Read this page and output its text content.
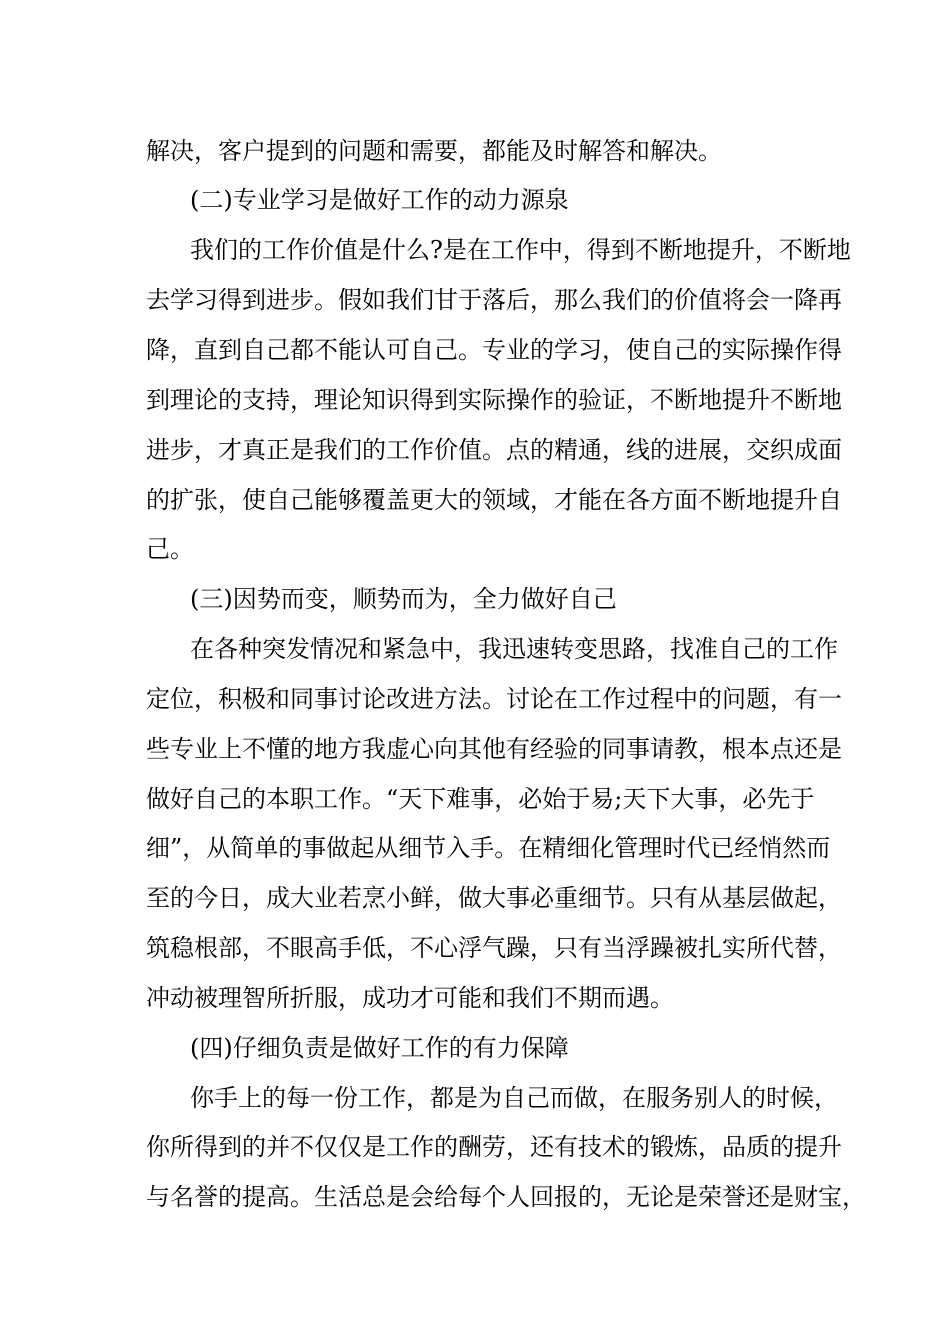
解决，客户提到的问题和需要，都能及时解答和解决。
(二)专业学习是做好工作的动力源泉
我们的工作价值是什么?是在工作中，得到不断地提升，不断地
去学习得到进步。假如我们甘于落后，那么我们的价值将会一降再
降，直到自己都不能认可自己。专业的学习，使自己的实际操作得
到理论的支持，理论知识得到实际操作的验证，不断地提升不断地
进步，才真正是我们的工作价值。点的精通，线的进展，交织成面
的扩张，使自己能够覆盖更大的领域，才能在各方面不断地提升自
己。
(三)因势而变，顺势而为，全力做好自己
在各种突发情况和紧急中，我迅速转变思路，找准自己的工作
定位，积极和同事讨论改进方法。讨论在工作过程中的问题，有一
些专业上不懂的地方我虚心向其他有经验的同事请教，根本点还是
做好自己的本职工作。“天下难事，必始于易;天下大事，必先于
细”，从简单的事做起从细节入手。在精细化管理时代已经悄然而
至的今日，成大业若烹小鲜，做大事必重细节。只有从基层做起，
筑稳根部，不眼高手低，不心浮气躁，只有当浮躁被扎实所代替，
冲动被理智所折服，成功才可能和我们不期而遇。
(四)仔细负责是做好工作的有力保障
你手上的每一份工作，都是为自己而做，在服务别人的时候，
你所得到的并不仅仅是工作的酬劳，还有技术的锻炼，品质的提升
与名誉的提高。生活总是会给每个人回报的，无论是荣誉还是财宝，
